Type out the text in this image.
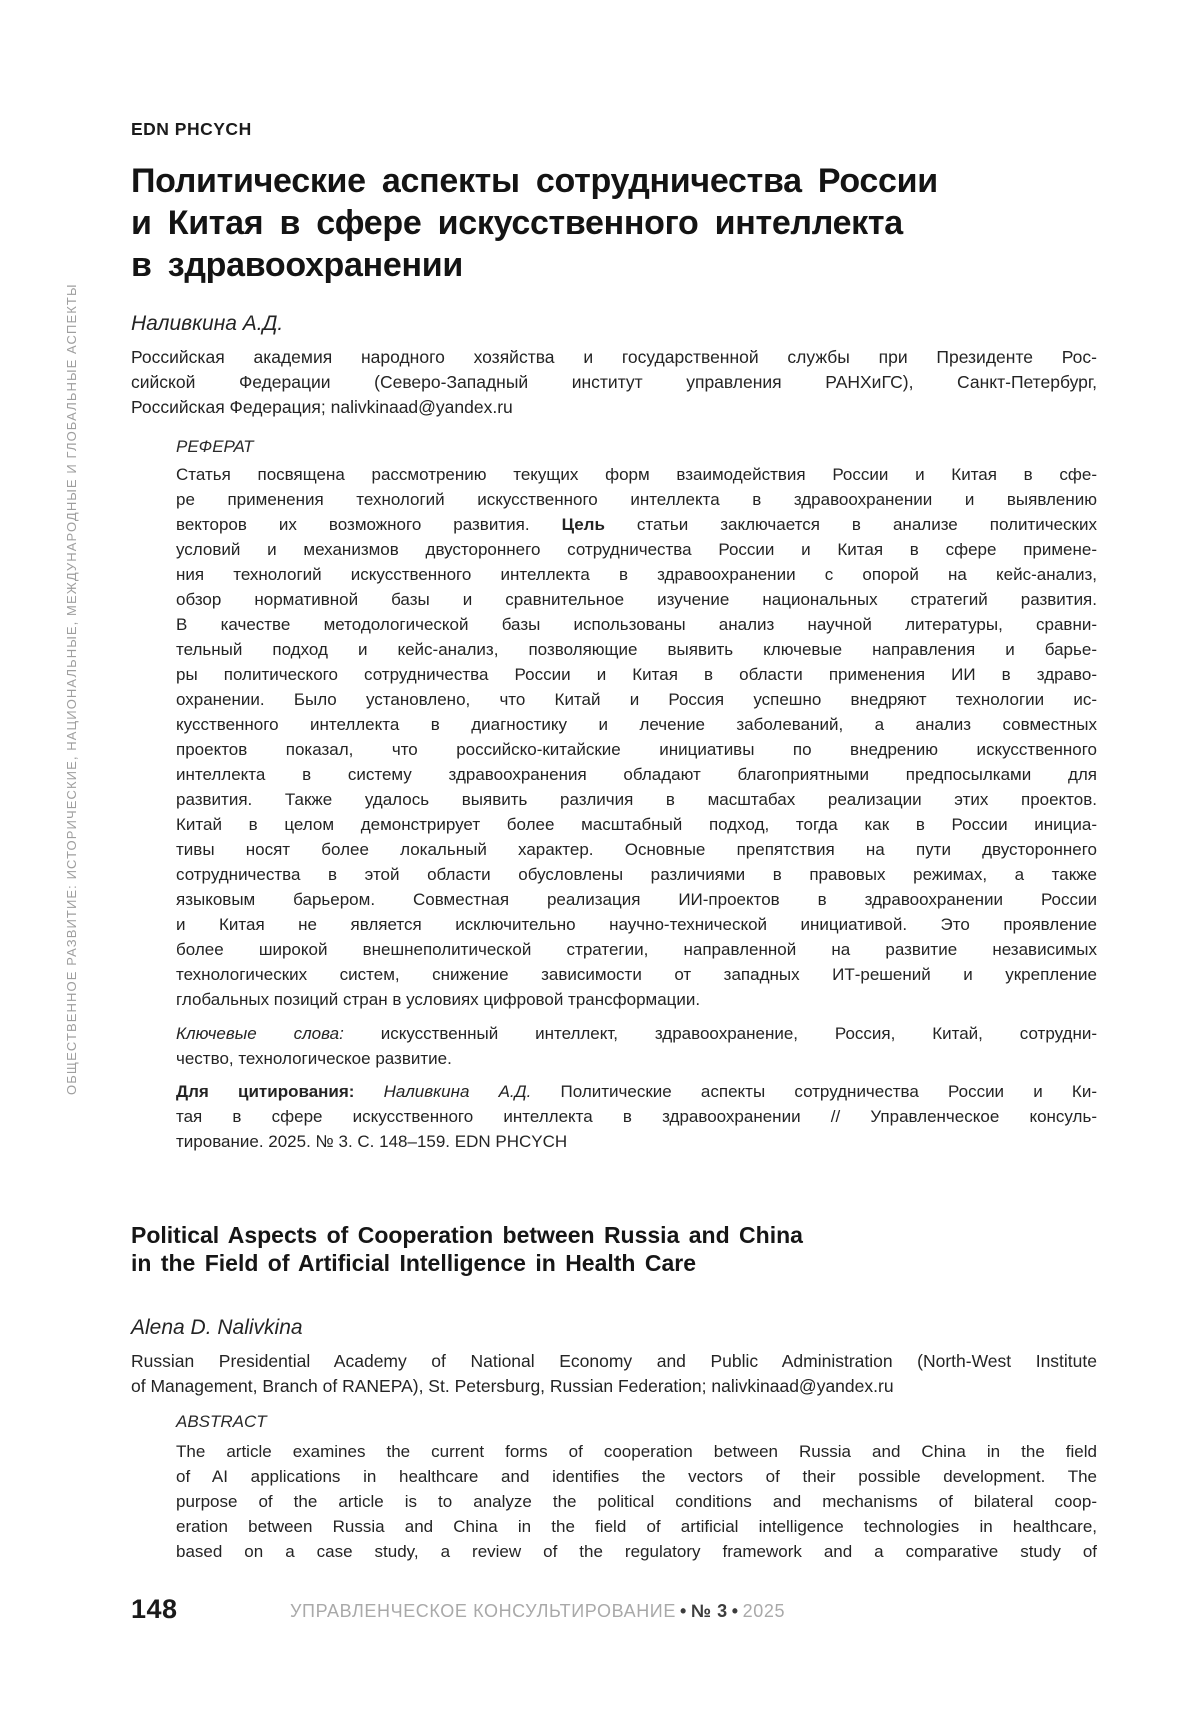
ОБЩЕСТВЕННОЕ РАЗВИТИЕ: ИСТОРИЧЕСКИЕ, НАЦИОНАЛЬНЫЕ, МЕЖДУНАРОДНЫЕ И ГЛОБАЛЬНЫЕ АСПЕКТЫ
EDN PHCYCH
Политические аспекты сотрудничества России
и Китая в сфере искусственного интеллекта
в здравоохранении
Наливкина А.Д.
Российская академия народного хозяйства и государственной службы при Президенте Рос-
сийской Федерации (Северо-Западный институт управления РАНХиГС), Санкт-Петербург,
Российская Федерация; nalivkinaad@yandex.ru
РЕФЕРАТ
Статья посвящена рассмотрению текущих форм взаимодействия России и Китая в сфе-
ре применения технологий искусственного интеллекта в здравоохранении и выявлению
векторов их возможного развития. Цель статьи заключается в анализе политических
условий и механизмов двустороннего сотрудничества России и Китая в сфере примене-
ния технологий искусственного интеллекта в здравоохранении с опорой на кейс-анализ,
обзор нормативной базы и сравнительное изучение национальных стратегий развития.
В качестве методологической базы использованы анализ научной литературы, сравни-
тельный подход и кейс-анализ, позволяющие выявить ключевые направления и барье-
ры политического сотрудничества России и Китая в области применения ИИ в здраво-
охранении. Было установлено, что Китай и Россия успешно внедряют технологии ис-
кусственного интеллекта в диагностику и лечение заболеваний, а анализ совместных
проектов показал, что российско-китайские инициативы по внедрению искусственного
интеллекта в систему здравоохранения обладают благоприятными предпосылками для
развития. Также удалось выявить различия в масштабах реализации этих проектов.
Китай в целом демонстрирует более масштабный подход, тогда как в России инициа-
тивы носят более локальный характер. Основные препятствия на пути двустороннего
сотрудничества в этой области обусловлены различиями в правовых режимах, а также
языковым барьером. Совместная реализация ИИ-проектов в здравоохранении России
и Китая не является исключительно научно-технической инициативой. Это проявление
более широкой внешнеполитической стратегии, направленной на развитие независимых
технологических систем, снижение зависимости от западных ИТ-решений и укрепление
глобальных позиций стран в условиях цифровой трансформации.
Ключевые слова: искусственный интеллект, здравоохранение, Россия, Китай, сотрудни-
чество, технологическое развитие.
Для цитирования: Наливкина А.Д. Политические аспекты сотрудничества России и Ки-
тая в сфере искусственного интеллекта в здравоохранении // Управленческое консуль-
тирование. 2025. № 3. С. 148–159. EDN PHCYCH
Political Aspects of Cooperation between Russia and China
in the Field of Artificial Intelligence in Health Care
Alena D. Nalivkina
Russian Presidential Academy of National Economy and Public Administration (North-West Institute
of Management, Branch of RANEPA), St. Petersburg, Russian Federation; nalivkinaad@yandex.ru
ABSTRACT
The article examines the current forms of cooperation between Russia and China in the field
of AI applications in healthcare and identifies the vectors of their possible development. The
purpose of the article is to analyze the political conditions and mechanisms of bilateral coop-
eration between Russia and China in the field of artificial intelligence technologies in healthcare,
based on a case study, a review of the regulatory framework and a comparative study of
148	УПРАВЛЕНЧЕСКОЕ КОНСУЛЬТИРОВАНИЕ • № 3 • 2025
